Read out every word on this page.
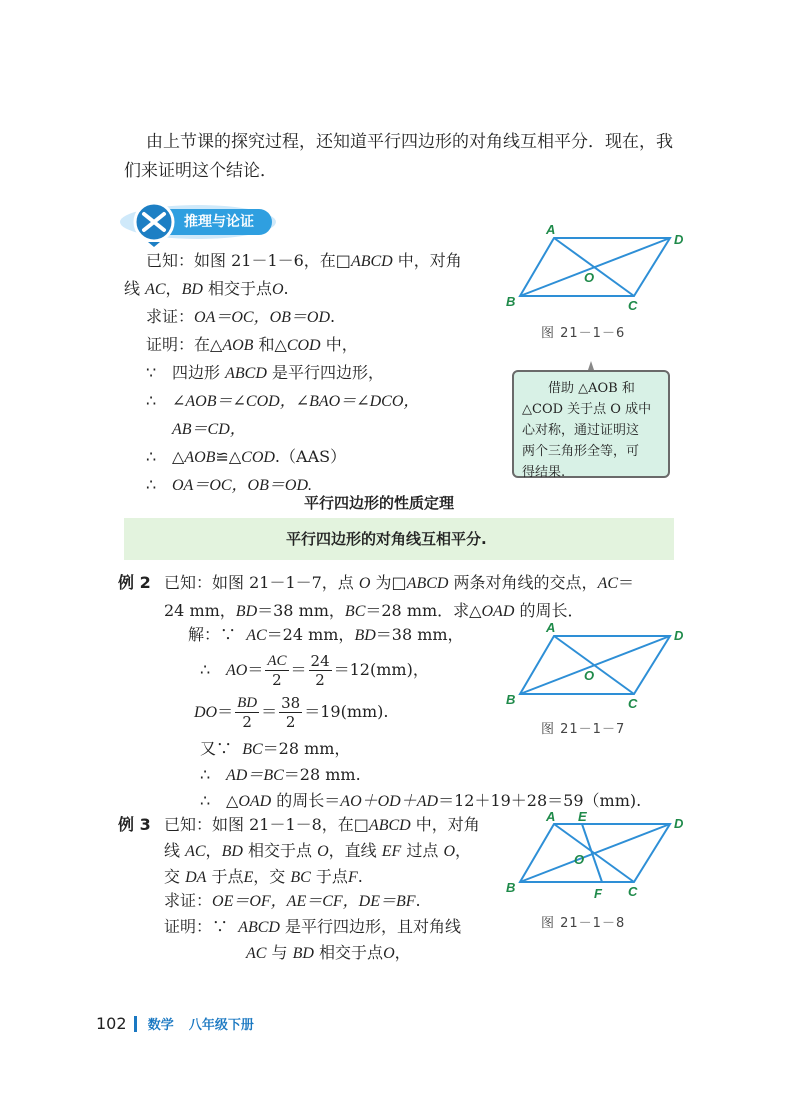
由上节课的探究过程，还知道平行四边形的对角线互相平分．现在，我
们来证明这个结论．
推理与论证
已知：如图 21－1－6，在□ABCD 中，对角
线 AC，BD 相交于点O.
求证：OA＝OC，OB＝OD.
证明：在△AOB 和△COD 中，
∵ 四边形 ABCD 是平行四边形，
∴ ∠AOB＝∠COD，∠BAO＝∠DCO，
AB＝CD，
∴ △AOB≌△COD.（AAS）
∴ OA＝OC，OB＝OD.
A
B	C
D
O
图 21－1－6
借助 △AOB 和
△COD 关于点 O 成中
心对称，通过证明这
两个三角形全等，可
得结果.
平行四边形的性质定理
平行四边形的对角线互相平分.
例 2 已知：如图 21－1－7，点 O 为□ABCD 两条对角线的交点，AC＝
24 mm，BD＝38 mm，BC＝28 mm．求△OAD 的周长．
解：∵ AC＝24 mm，BD＝38 mm，
∴ $AO= \frac{AC}{2} = \frac{24}{2} =12(mm)$，
$DO= \frac{BD}{2} = \frac{38}{2} =19(mm)$.
又∵ BC＝28 mm，
∴ AD＝BC＝28 mm.
∴ △OAD 的周长＝AO＋OD＋AD＝12＋19＋28＝59（mm).
A
B	C
D
O
图 21－1－7
例 3 已知：如图 21－1－8，在□ABCD 中，对角
线 AC，BD 相交于点 O，直线 EF 过点 O，
交 DA 于点E，交 BC 于点F.
求证：OE＝OF，AE＝CF，DE＝BF.
证明：∵ ABCD 是平行四边形，且对角线
AC 与 BD 相交于点O，
A
B	C
D
E
F
O
图 21－1－8
102 数学 八年级下册
